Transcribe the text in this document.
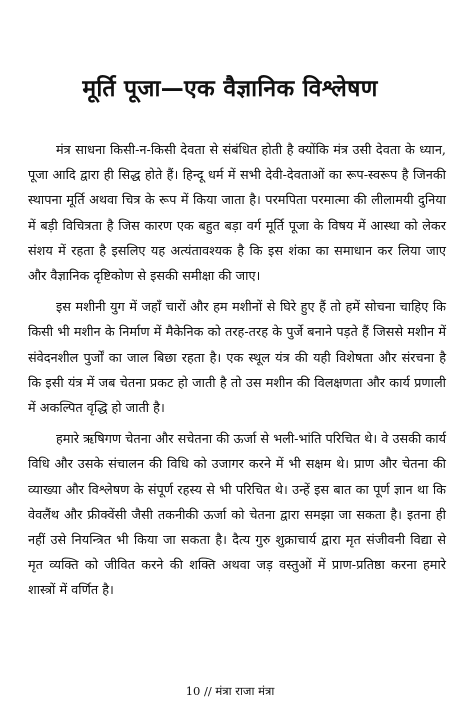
मूर्ति पूजा—एक वैज्ञानिक विश्लेषण

मंत्र साधना किसी-न-किसी देवता से संबंधित होती है क्योंकि मंत्र उसी देवता के ध्यान, पूजा आदि द्वारा ही सिद्ध होते हैं। हिन्दू धर्म में सभी देवी-देवताओं का रूप-स्वरूप है जिनकी स्थापना मूर्ति अथवा चित्र के रूप में किया जाता है। परमपिता परमात्मा की लीलामयी दुनिया में बड़ी विचित्रता है जिस कारण एक बहुत बड़ा वर्ग मूर्ति पूजा के विषय में आस्था को लेकर संशय में रहता है इसलिए यह अत्यंतावश्यक है कि इस शंका का समाधान कर लिया जाए और वैज्ञानिक दृष्टिकोण से इसकी समीक्षा की जाए।

इस मशीनी युग में जहाँ चारों और हम मशीनों से घिरे हुए हैं तो हमें सोचना चाहिए कि किसी भी मशीन के निर्माण में मैकेनिक को तरह-तरह के पुर्जे बनाने पड़ते हैं जिससे मशीन में संवेदनशील पुर्जों का जाल बिछा रहता है। एक स्थूल यंत्र की यही विशेषता और संरचना है कि इसी यंत्र में जब चेतना प्रकट हो जाती है तो उस मशीन की विलक्षणता और कार्य प्रणाली में अकल्पित वृद्धि हो जाती है।

हमारे ऋषिगण चेतना और सचेतना की ऊर्जा से भली-भांति परिचित थे। वे उसकी कार्य विधि और उसके संचालन की विधि को उजागर करने में भी सक्षम थे। प्राण और चेतना की व्याख्या और विश्लेषण के संपूर्ण रहस्य से भी परिचित थे। उन्हें इस बात का पूर्ण ज्ञान था कि वेवलैंथ और फ्रीक्वेंसी जैसी तकनीकी ऊर्जा को चेतना द्वारा समझा जा सकता है। इतना ही नहीं उसे नियन्त्रित भी किया जा सकता है। दैत्य गुरु शुक्राचार्य द्वारा मृत संजीवनी विद्या से मृत व्यक्ति को जीवित करने की शक्ति अथवा जड़ वस्तुओं में प्राण-प्रतिष्ठा करना हमारे शास्त्रों में वर्णित है।

10 // मंत्रा राजा मंत्रा
